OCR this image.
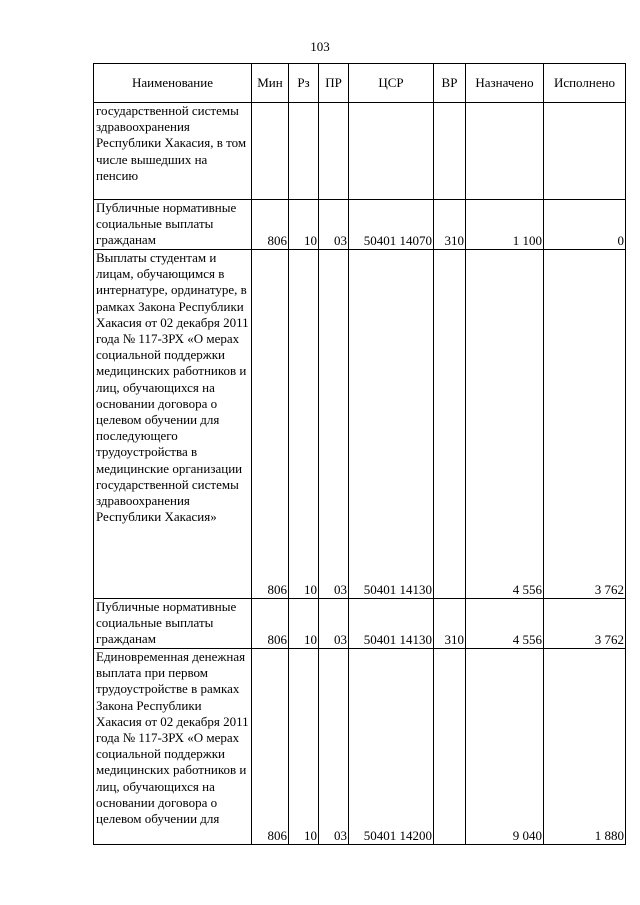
103
Наименование	Мин	Рз	ПР	ЦСР	ВР	Назначено	Исполнено
государственной системы здравоохранения Республики Хакасия, в том числе вышедших на пенсию							
Публичные нормативные социальные выплаты гражданам	806	10	03	50401 14070	310	1 100	0
Выплаты студентам и лицам, обучающимся в интернатуре, ординатуре, в рамках Закона Республики Хакасия от 02 декабря 2011 года № 117-ЗРХ «О мерах социальной поддержки медицинских работников и лиц, обучающихся на основании договора о целевом обучении для последующего трудоустройства в медицинские организации государственной системы здравоохранения Республики Хакасия»	806	10	03	50401 14130		4 556	3 762
Публичные нормативные социальные выплаты гражданам	806	10	03	50401 14130	310	4 556	3 762
Единовременная денежная выплата при первом трудоустройстве в рамках Закона Республики Хакасия от 02 декабря 2011 года № 117-ЗРХ «О мерах социальной поддержки медицинских работников и лиц, обучающихся на основании договора о целевом обучении для	806	10	03	50401 14200		9 040	1 880
